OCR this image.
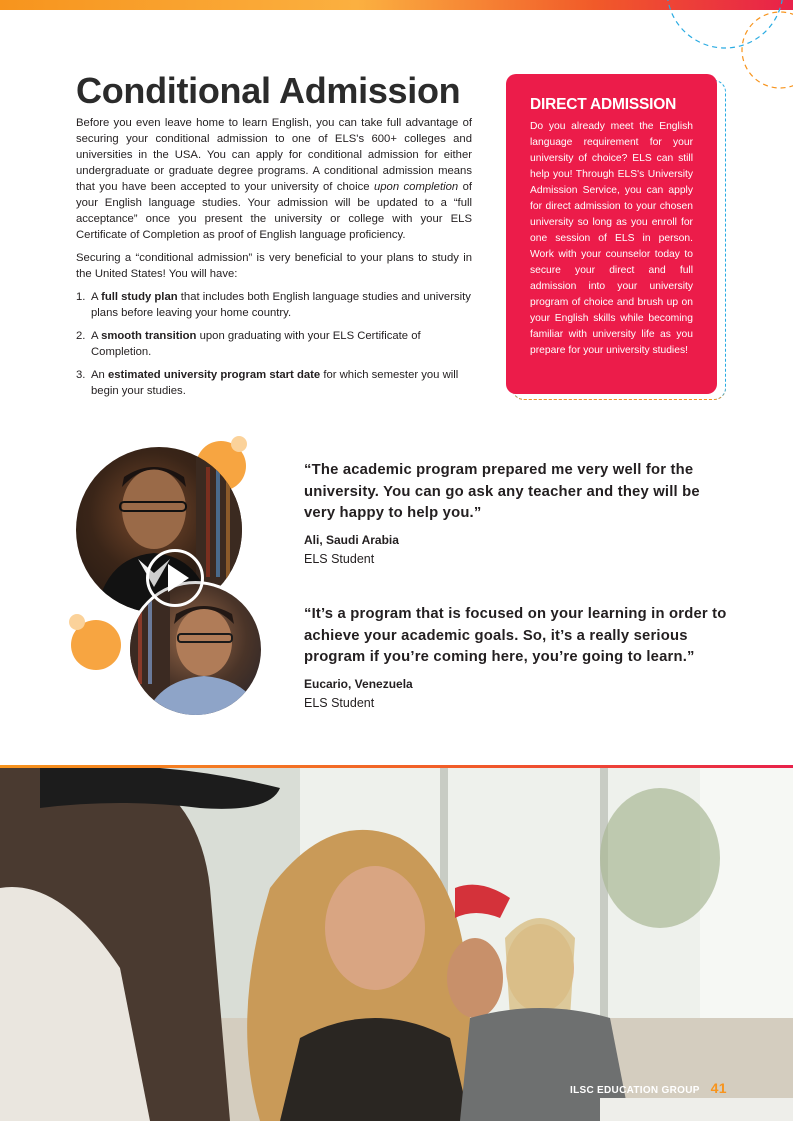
Conditional Admission

Before you even leave home to learn English, you can take full advantage of securing your conditional admission to one of ELS's 600+ colleges and universities in the USA. You can apply for conditional admission for either undergraduate or graduate degree programs. A conditional admission means that you have been accepted to your university of choice upon completion of your English language studies. Your admission will be updated to a “full acceptance” once you present the university or college with your ELS Certificate of Completion as proof of English language proficiency.

Securing a “conditional admission” is very beneficial to your plans to study in the United States! You will have:

1. A full study plan that includes both English language studies and university plans before leaving your home country.
2. A smooth transition upon graduating with your ELS Certificate of Completion.
3. An estimated university program start date for which semester you will begin your studies.
DIRECT ADMISSION
Do you already meet the English language requirement for your university of choice? ELS can still help you! Through ELS's University Admission Service, you can apply for direct admission to your chosen university so long as you enroll for one session of ELS in person. Work with your counselor today to secure your direct and full admission into your university program of choice and brush up on your English skills while becoming familiar with university life as you prepare for your university studies!
“The academic program prepared me very well for the university. You can go ask any teacher and they will be very happy to help you.”
Ali, Saudi Arabia
ELS Student
“It’s a program that is focused on your learning in order to achieve your academic goals. So, it’s a really serious program if you’re coming here, you’re going to learn.”
Eucario, Venezuela
ELS Student
ILSC EDUCATION GROUP 41
